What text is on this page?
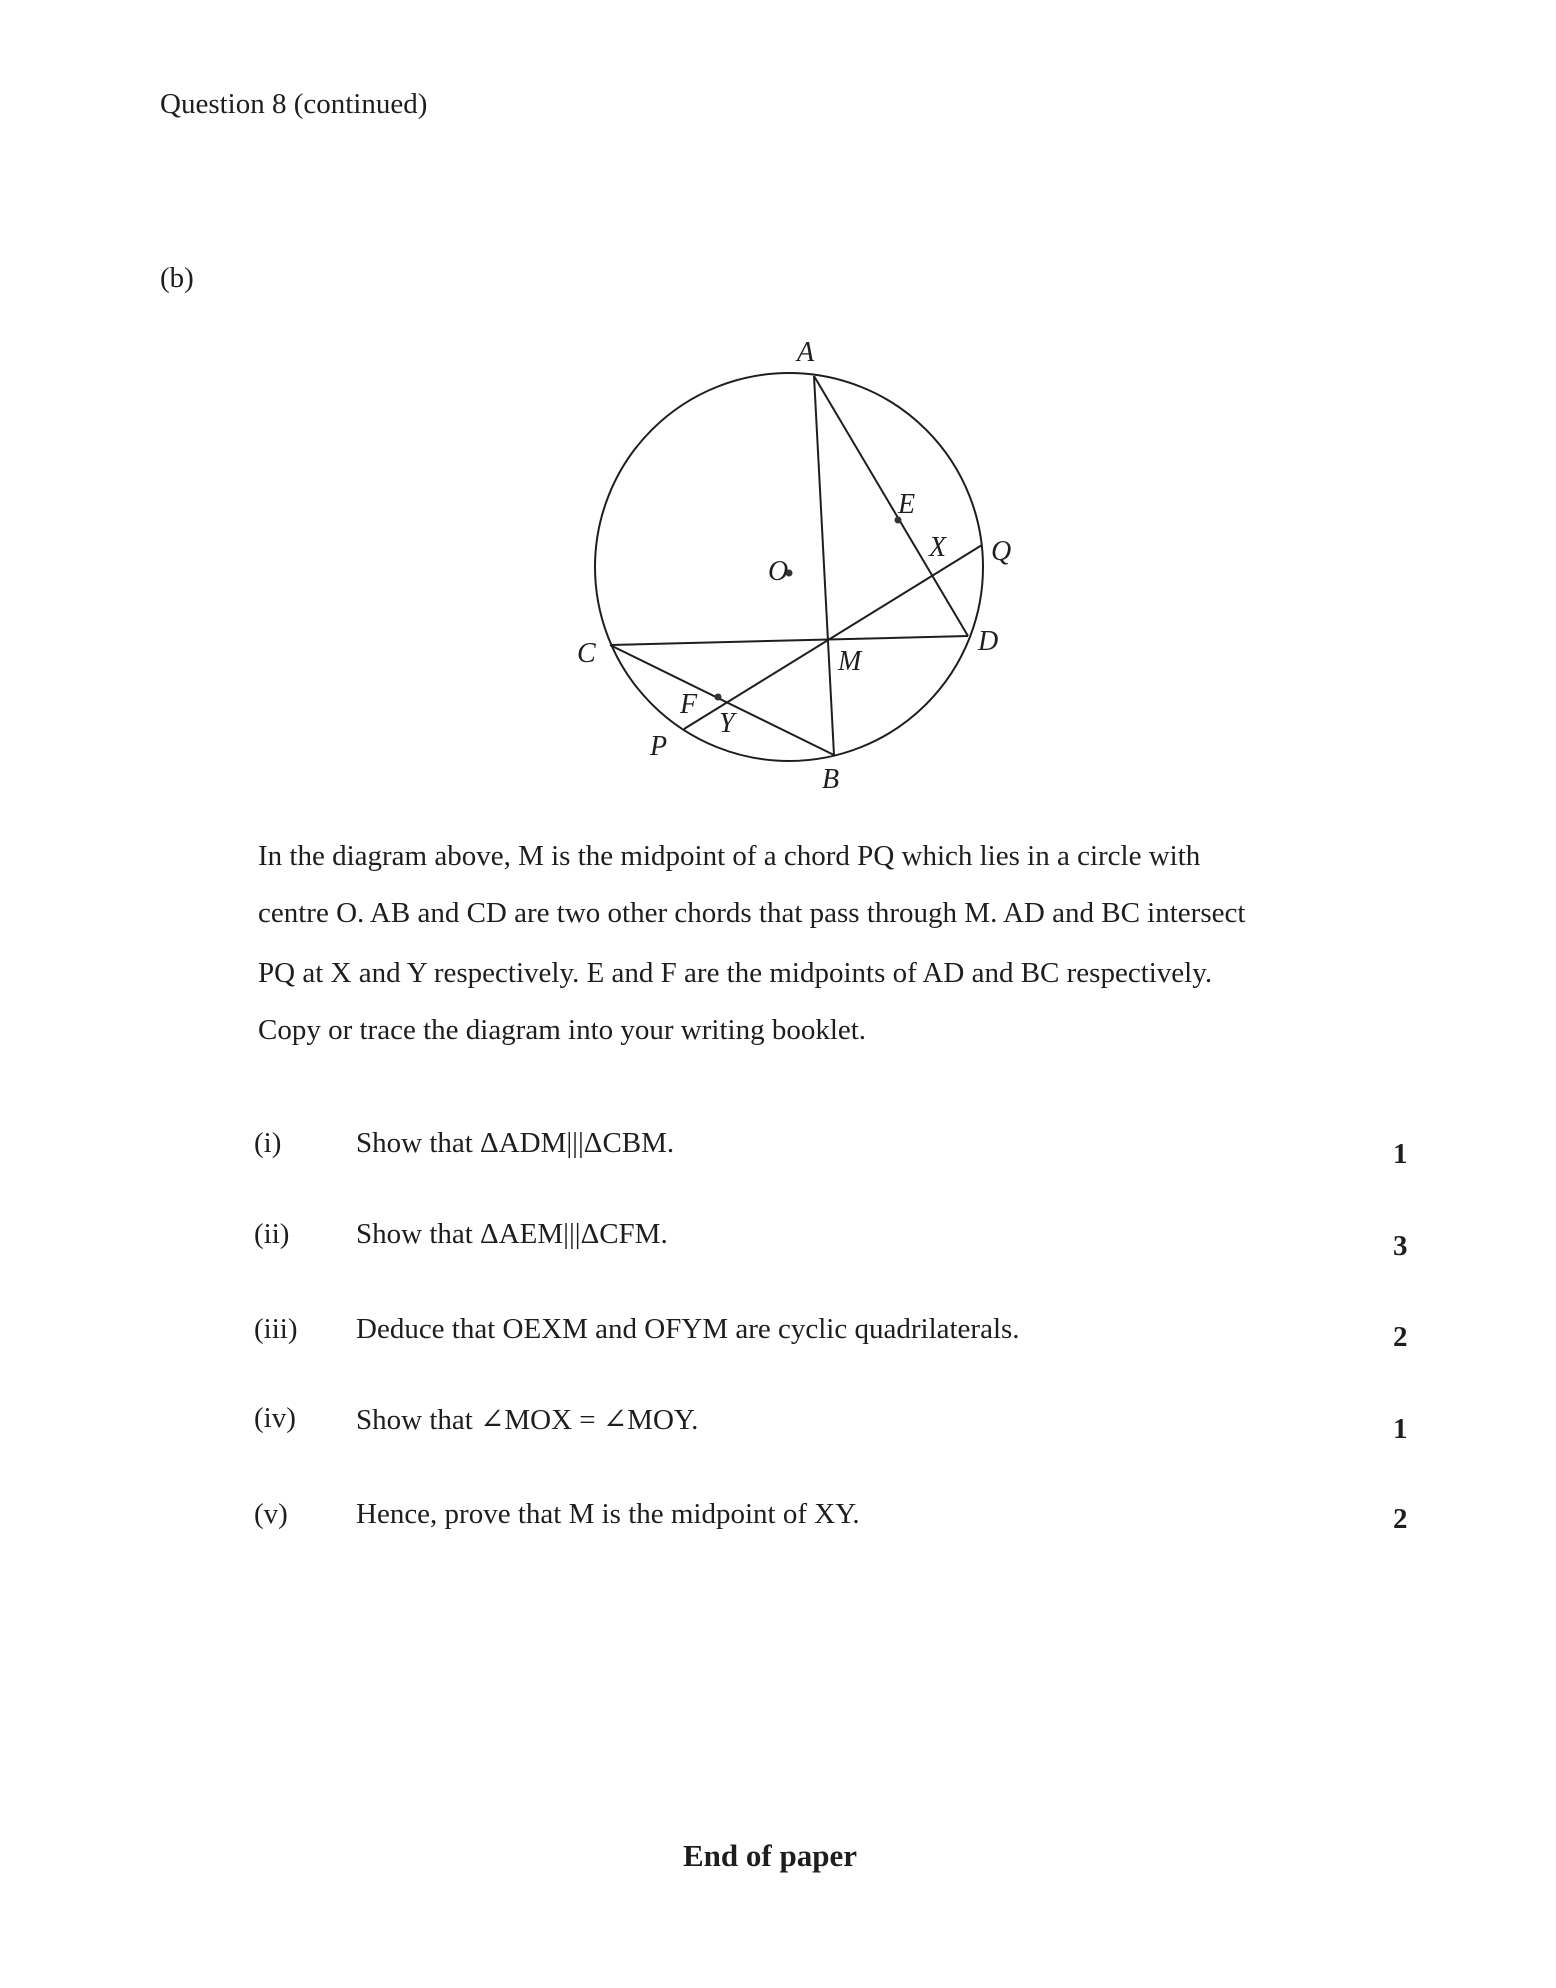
Question 8 (continued)
(b)
A
B
C	D
E
F
M
O
P
Q
X
Y
In the diagram above, M is the midpoint of a chord PQ which lies in a circle with
centre O. AB and CD are two other chords that pass through M. AD and BC intersect
PQ at X and Y respectively. E and F are the midpoints of AD and BC respectively.
Copy or trace the diagram into your writing booklet.
(i)	Show that ΔADM|||ΔCBM.	1
(ii) Show that ΔAEM|||ΔCFM.	3
(iii) Deduce that OEXM and OFYM are cyclic quadrilaterals.	2
(iv) Show that ∠MOX = ∠MOY.	1
(v) Hence, prove that M is the midpoint of XY.	2
End of paper
